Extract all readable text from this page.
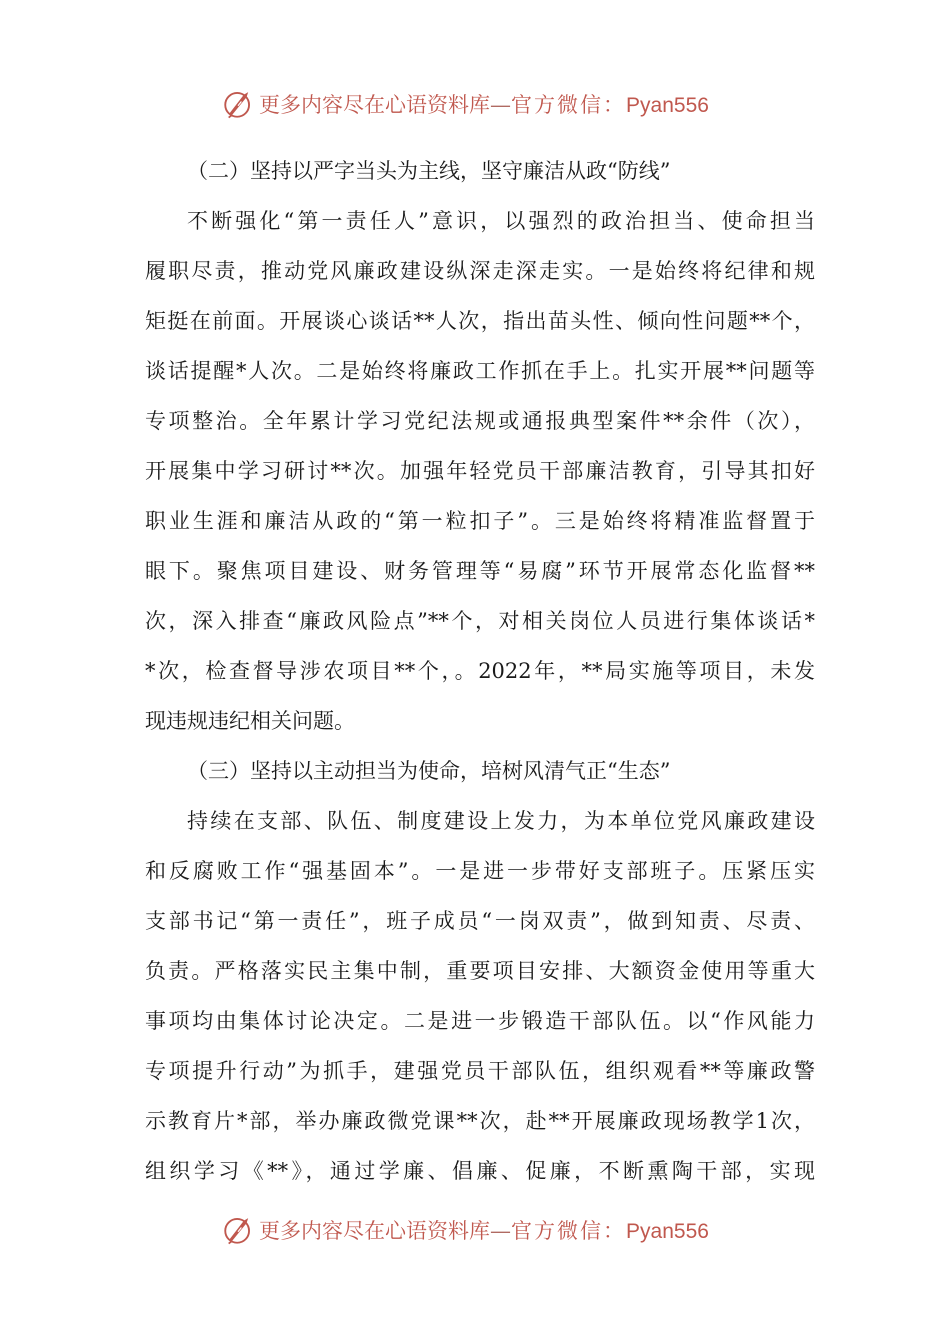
更多内容尽在心语资料库—官方微信：Pyan556
（二）坚持以严字当头为主线，坚守廉洁从政“防线”
不断强化“第一责任人”意识，以强烈的政治担当、使命担当
履职尽责，推动党风廉政建设纵深走深走实。一是始终将纪律和规
矩挺在前面。开展谈心谈话**人次，指出苗头性、倾向性问题**个，
谈话提醒*人次。二是始终将廉政工作抓在手上。扎实开展**问题等
专项整治。全年累计学习党纪法规或通报典型案件**余件（次），
开展集中学习研讨**次。加强年轻党员干部廉洁教育，引导其扣好
职业生涯和廉洁从政的“第一粒扣子”。三是始终将精准监督置于
眼下。聚焦项目建设、财务管理等“易腐”环节开展常态化监督**
次，深入排查“廉政风险点”**个，对相关岗位人员进行集体谈话*
*次，检查督导涉农项目**个，。2022年，**局实施等项目，未发
现违规违纪相关问题。
（三）坚持以主动担当为使命，培树风清气正“生态”
持续在支部、队伍、制度建设上发力，为本单位党风廉政建设
和反腐败工作“强基固本”。一是进一步带好支部班子。压紧压实
支部书记“第一责任”，班子成员“一岗双责”，做到知责、尽责、
负责。严格落实民主集中制，重要项目安排、大额资金使用等重大
事项均由集体讨论决定。二是进一步锻造干部队伍。以“作风能力
专项提升行动”为抓手，建强党员干部队伍，组织观看**等廉政警
示教育片*部，举办廉政微党课**次，赴**开展廉政现场教学1次，
组织学习《**》，通过学廉、倡廉、促廉，不断熏陶干部，实现
更多内容尽在心语资料库—官方微信：Pyan556
